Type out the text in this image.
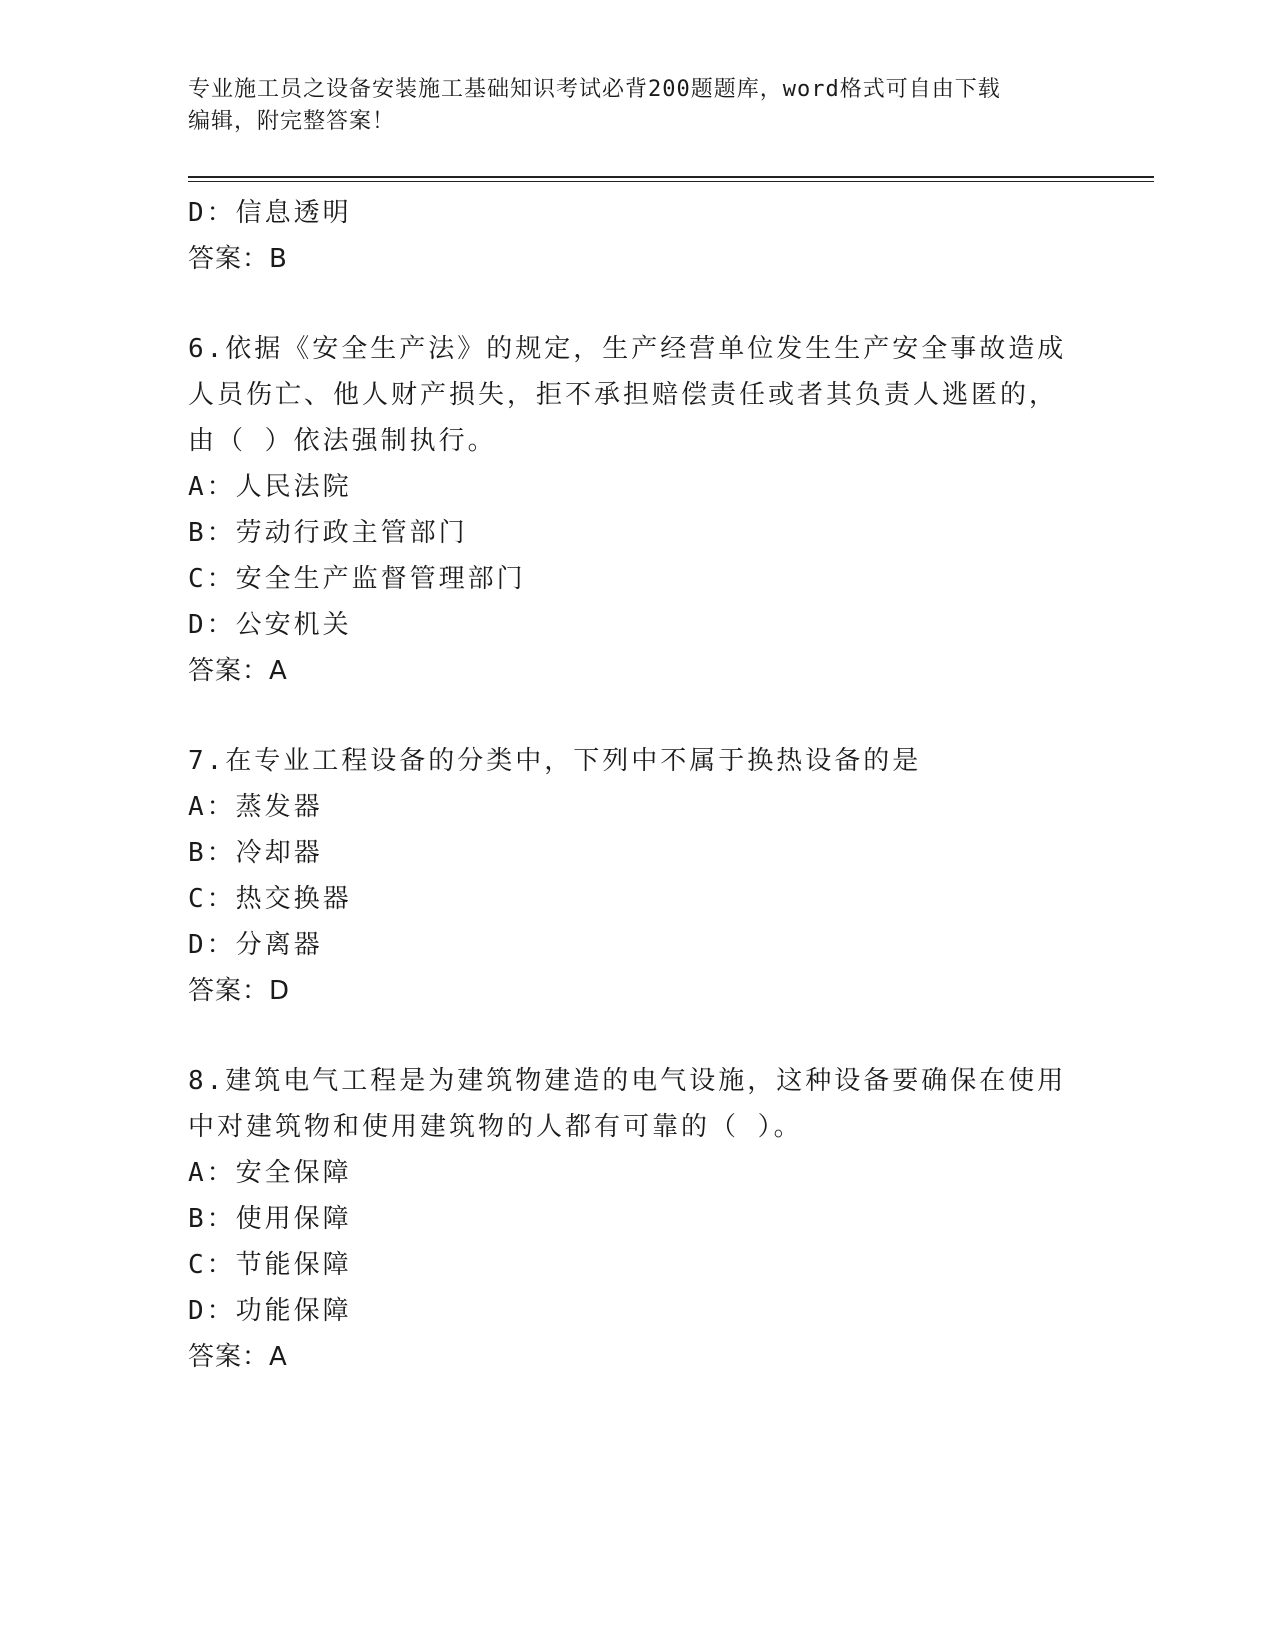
专业施工员之设备安装施工基础知识考试必背200题题库，word格式可自由下载
编辑，附完整答案！
D：信息透明
答案：B
6.依据《安全生产法》的规定，生产经营单位发生生产安全事故造成
人员伤亡、他人财产损失，拒不承担赔偿责任或者其负责人逃匿的，
由（ ）依法强制执行。
A：人民法院
B：劳动行政主管部门
C：安全生产监督管理部门
D：公安机关
答案：A
7.在专业工程设备的分类中，下列中不属于换热设备的是
A：蒸发器
B：冷却器
C：热交换器
D：分离器
答案：D
8.建筑电气工程是为建筑物建造的电气设施，这种设备要确保在使用
中对建筑物和使用建筑物的人都有可靠的（ ）。
A：安全保障
B：使用保障
C：节能保障
D：功能保障
答案：A
